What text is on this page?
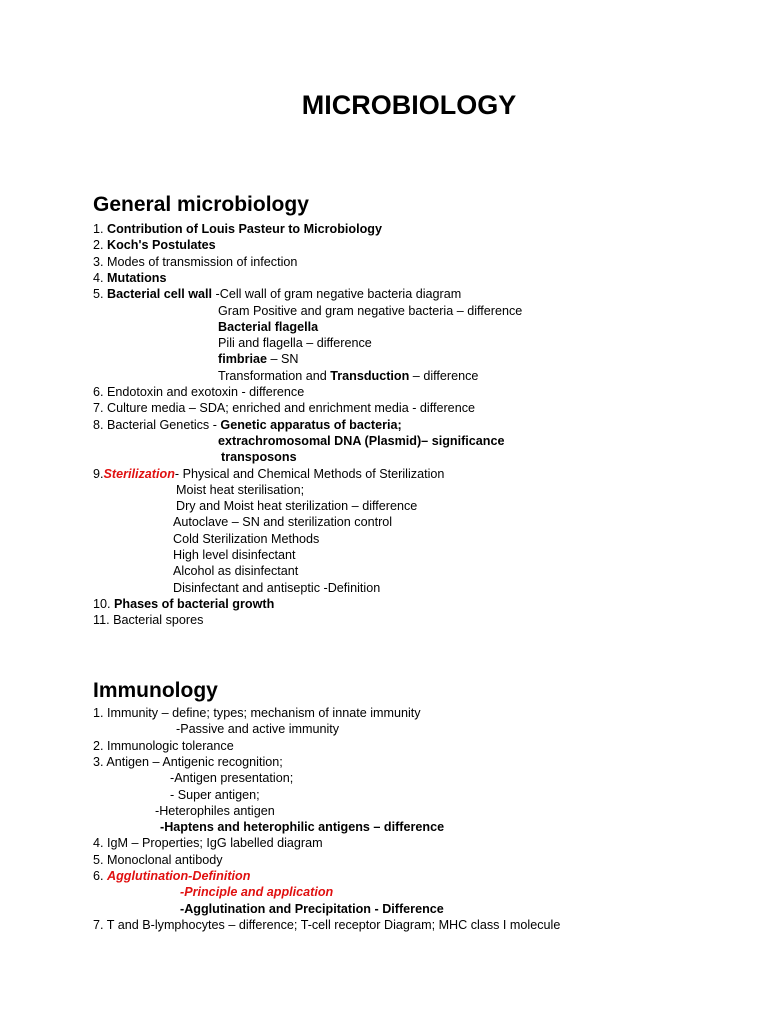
MICROBIOLOGY
General microbiology
1. Contribution of Louis Pasteur to Microbiology
2. Koch's Postulates
3. Modes of transmission of infection
4. Mutations
5. Bacterial cell wall -Cell wall of gram negative bacteria diagram
Gram Positive and gram negative bacteria – difference
Bacterial flagella
Pili and flagella – difference
fimbriae – SN
Transformation and Transduction – difference
6. Endotoxin and exotoxin - difference
7. Culture media – SDA; enriched and enrichment media - difference
8. Bacterial Genetics - Genetic apparatus of bacteria;
extrachromosomal DNA (Plasmid)– significance
transposons
9.Sterilization- Physical and Chemical Methods of Sterilization
Moist heat sterilisation;
Dry and Moist heat sterilization – difference
Autoclave – SN and sterilization control
Cold Sterilization Methods
High level disinfectant
Alcohol as disinfectant
Disinfectant and antiseptic -Definition
10. Phases of bacterial growth
11. Bacterial spores
Immunology
1. Immunity – define; types; mechanism of innate immunity
-Passive and active immunity
2. Immunologic tolerance
3. Antigen – Antigenic recognition;
-Antigen presentation;
- Super antigen;
-Heterophiles antigen
-Haptens and heterophilic antigens – difference
4. IgM – Properties; IgG labelled diagram
5. Monoclonal antibody
6. Agglutination-Definition
-Principle and application
-Agglutination and Precipitation - Difference
7. T and B-lymphocytes – difference; T-cell receptor Diagram; MHC class I molecule
